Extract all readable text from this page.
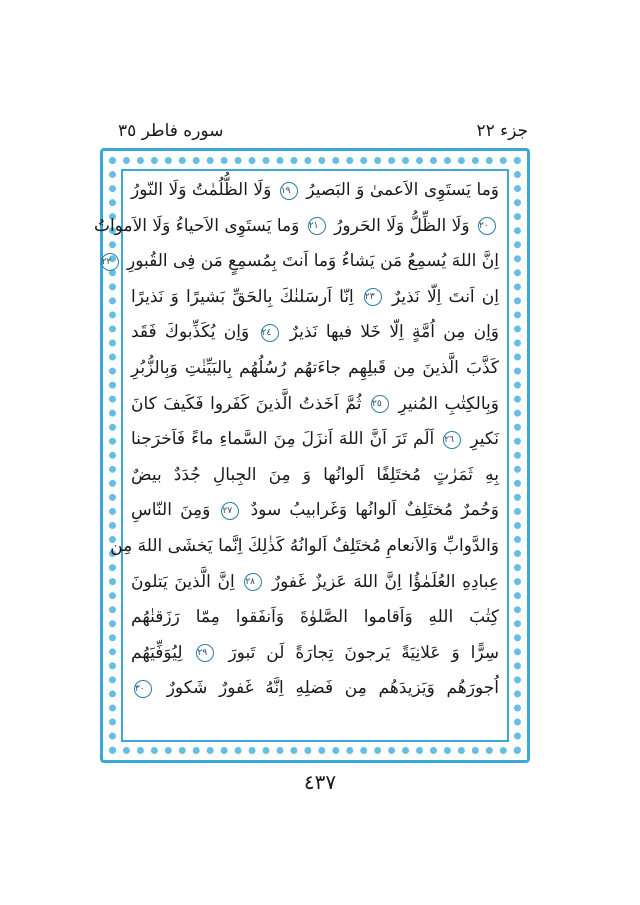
جزء ٢٢
سوره فاطر ٣٥
وَما يَستَوِى الاَعمىٰ وَ البَصيرُ ١٩ وَلَا الظُّلُمٰتُ وَلَا النّورُ
٢٠ وَلَا الظِّلُّ وَلَا الحَرورُ ٢١ وَما يَستَوِى الاَحياءُ وَلَا الاَمواتُ
اِنَّ اللهَ يُسمِعُ مَن يَشاءُ وَما اَنتَ بِمُسمِعٍ مَن فِى القُبورِ ٢٢
اِن اَنتَ اِلّا نَذيرٌ ٢٣ اِنّا اَرسَلنٰكَ بِالحَقِّ بَشيرًا وَ نَذيرًا
وَاِن مِن اُمَّةٍ اِلّا خَلا فيها نَذيرٌ ٢٤ وَاِن يُكَذِّبوكَ فَقَد
كَذَّبَ الَّذينَ مِن قَبلِهِم جاءَتهُم رُسُلُهُم بِالبَيِّنٰتِ وَبِالزُّبُرِ
وَبِالكِتٰبِ المُنيرِ ٢٥ ثُمَّ اَخَذتُ الَّذينَ كَفَروا فَكَيفَ كانَ
نَكيرِ ٢٦ اَلَم تَرَ اَنَّ اللهَ اَنزَلَ مِنَ السَّماءِ ماءً فَاَخرَجنا
بِهِ ثَمَرٰتٍ مُختَلِفًا اَلوانُها وَ مِنَ الجِبالِ جُدَدٌ بيضٌ
وَحُمرٌ مُختَلِفٌ اَلوانُها وَغَرابيبُ سودٌ ٢٧ وَمِنَ النّاسِ
وَالدَّوابِّ وَالاَنعامِ مُختَلِفٌ اَلوانُهُ كَذٰلِكَ اِنَّما يَخشَى اللهَ مِن
عِبادِهِ العُلَمٰؤُا اِنَّ اللهَ عَزيزٌ غَفورٌ ٢٨ اِنَّ الَّذينَ يَتلونَ
كِتٰبَ اللهِ وَاَقاموا الصَّلوٰةَ وَاَنفَقوا مِمّا رَزَقنٰهُم
سِرًّا وَ عَلانِيَةً يَرجونَ تِجارَةً لَن تَبورَ ٢٩ لِيُوَفِّيَهُم
اُجورَهُم وَيَزيدَهُم مِن فَضلِهِ اِنَّهُ غَفورٌ شَكورٌ ٣٠
٤٣٧
